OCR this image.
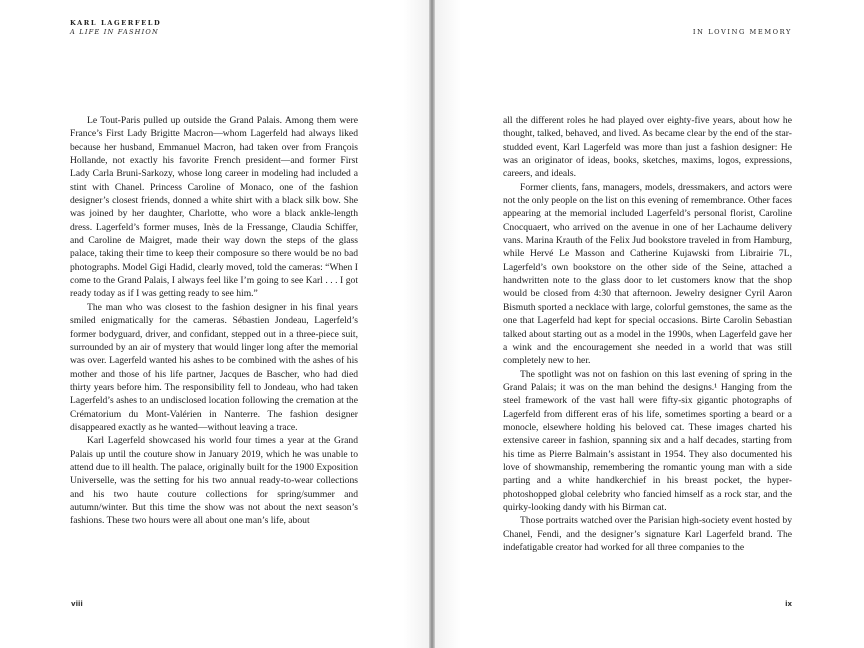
KARL LAGERFELD
A LIFE IN FASHION

Le Tout-Paris pulled up outside the Grand Palais. Among them were France’s First Lady Brigitte Macron—whom Lagerfeld had always liked because her husband, Emmanuel Macron, had taken over from François Hollande, not exactly his favorite French president—and former First Lady Carla Bruni-Sarkozy, whose long career in modeling had included a stint with Chanel. Princess Caroline of Monaco, one of the fashion designer’s closest friends, donned a white shirt with a black silk bow. She was joined by her daughter, Charlotte, who wore a black ankle-length dress. Lagerfeld’s former muses, Inès de la Fressange, Claudia Schiffer, and Caroline de Maigret, made their way down the steps of the glass palace, taking their time to keep their composure so there would be no bad photographs. Model Gigi Hadid, clearly moved, told the cameras: “When I come to the Grand Palais, I always feel like I’m going to see Karl . . . I got ready today as if I was getting ready to see him.”

The man who was closest to the fashion designer in his final years smiled enigmatically for the cameras. Sébastien Jondeau, Lagerfeld’s former bodyguard, driver, and confidant, stepped out in a three-piece suit, surrounded by an air of mystery that would linger long after the memorial was over. Lagerfeld wanted his ashes to be combined with the ashes of his mother and those of his life partner, Jacques de Bascher, who had died thirty years before him. The responsibility fell to Jondeau, who had taken Lagerfeld’s ashes to an undisclosed location following the cremation at the Crématorium du Mont-Valérien in Nanterre. The fashion designer disappeared exactly as he wanted—without leaving a trace.

Karl Lagerfeld showcased his world four times a year at the Grand Palais up until the couture show in January 2019, which he was unable to attend due to ill health. The palace, originally built for the 1900 Exposition Universelle, was the setting for his two annual ready-to-wear collections and his two haute couture collections for spring/summer and autumn/winter. But this time the show was not about the next season’s fashions. These two hours were all about one man’s life, about

viii
IN LOVING MEMORY

all the different roles he had played over eighty-five years, about how he thought, talked, behaved, and lived. As became clear by the end of the star-studded event, Karl Lagerfeld was more than just a fashion designer: He was an originator of ideas, books, sketches, maxims, logos, expressions, careers, and ideals.

Former clients, fans, managers, models, dressmakers, and actors were not the only people on the list on this evening of remembrance. Other faces appearing at the memorial included Lagerfeld’s personal florist, Caroline Cnocquaert, who arrived on the avenue in one of her Lachaume delivery vans. Marina Krauth of the Felix Jud bookstore traveled in from Hamburg, while Hervé Le Masson and Catherine Kujawski from Librairie 7L, Lagerfeld’s own bookstore on the other side of the Seine, attached a handwritten note to the glass door to let customers know that the shop would be closed from 4:30 that afternoon. Jewelry designer Cyril Aaron Bismuth sported a necklace with large, colorful gemstones, the same as the one that Lagerfeld had kept for special occasions. Birte Carolin Sebastian talked about starting out as a model in the 1990s, when Lagerfeld gave her a wink and the encouragement she needed in a world that was still completely new to her.

The spotlight was not on fashion on this last evening of spring in the Grand Palais; it was on the man behind the designs.¹ Hanging from the steel framework of the vast hall were fifty-six gigantic photographs of Lagerfeld from different eras of his life, sometimes sporting a beard or a monocle, elsewhere holding his beloved cat. These images charted his extensive career in fashion, spanning six and a half decades, starting from his time as Pierre Balmain’s assistant in 1954. They also documented his love of showmanship, remembering the romantic young man with a side parting and a white handkerchief in his breast pocket, the hyper-photoshopped global celebrity who fancied himself as a rock star, and the quirky-looking dandy with his Birman cat.

Those portraits watched over the Parisian high-society event hosted by Chanel, Fendi, and the designer’s signature Karl Lagerfeld brand. The indefatigable creator had worked for all three companies to the

ix
